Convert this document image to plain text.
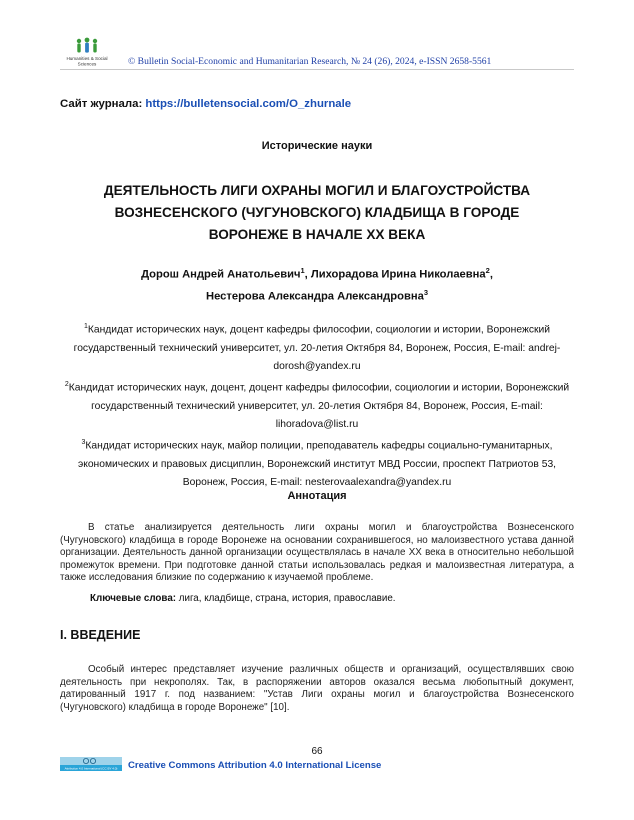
Humanities & Social
Sciences	© Bulletin Social-Economic and Humanitarian Research, № 24 (26), 2024, e-ISSN 2658-5561
Сайт журнала: https://bulletensocial.com/O_zhurnale
Исторические науки
ДЕЯТЕЛЬНОСТЬ ЛИГИ ОХРАНЫ МОГИЛ И БЛАГОУСТРОЙСТВА
ВОЗНЕСЕНСКОГО (ЧУГУНОВСКОГО) КЛАДБИЩА В ГОРОДЕ
ВОРОНЕЖЕ В НАЧАЛЕ XX ВЕКА
Дорош Андрей Анатольевич$^1$, Лихорадова Ирина Николаевна$^2$,
Нестерова Александра Александровна$^3$
$^1$Кандидат исторических наук, доцент кафедры философии, социологии и истории, Воронежский государственный технический университет, ул. 20-летия Октября 84, Воронеж, Россия, E-mail: andrej-dorosh@yandex.ru
$^2$Кандидат исторических наук, доцент, доцент кафедры философии, социологии и истории, Воронежский государственный технический университет, ул. 20-летия Октября 84, Воронеж, Россия, E-mail: lihoradova@list.ru
$^3$Кандидат исторических наук, майор полиции, преподаватель кафедры социально-гуманитарных, экономических и правовых дисциплин, Воронежский институт МВД России, проспект Патриотов 53, Воронеж, Россия, E-mail: nesterovaalexandra@yandex.ru
Аннотация
В статье анализируется деятельность лиги охраны могил и благоустройства Вознесенского (Чугуновского) кладбища в городе Воронеже на основании сохранившегося, но малоизвестного устава данной организации. Деятельность данной организации осуществлялась в начале XX века в относительно небольшой промежуток времени. При подготовке данной статьи использовалась редкая и малоизвестная литература, а также исследования близкие по содержанию к изучаемой проблеме.
Ключевые слова: лига, кладбище, страна, история, православие.
I. ВВЕДЕНИЕ
Особый интерес представляет изучение различных обществ и организаций, осуществлявших свою деятельность при некрополях. Так, в распоряжении авторов оказался весьма любопытный документ, датированный 1917 г. под названием: "Устав Лиги охраны могил и благоустройства Вознесенского (Чугуновского) кладбища в городе Воронеже" [10].
66
Attribution 4.0 International (CC BY 4.0) Creative Commons Attribution 4.0 International License
